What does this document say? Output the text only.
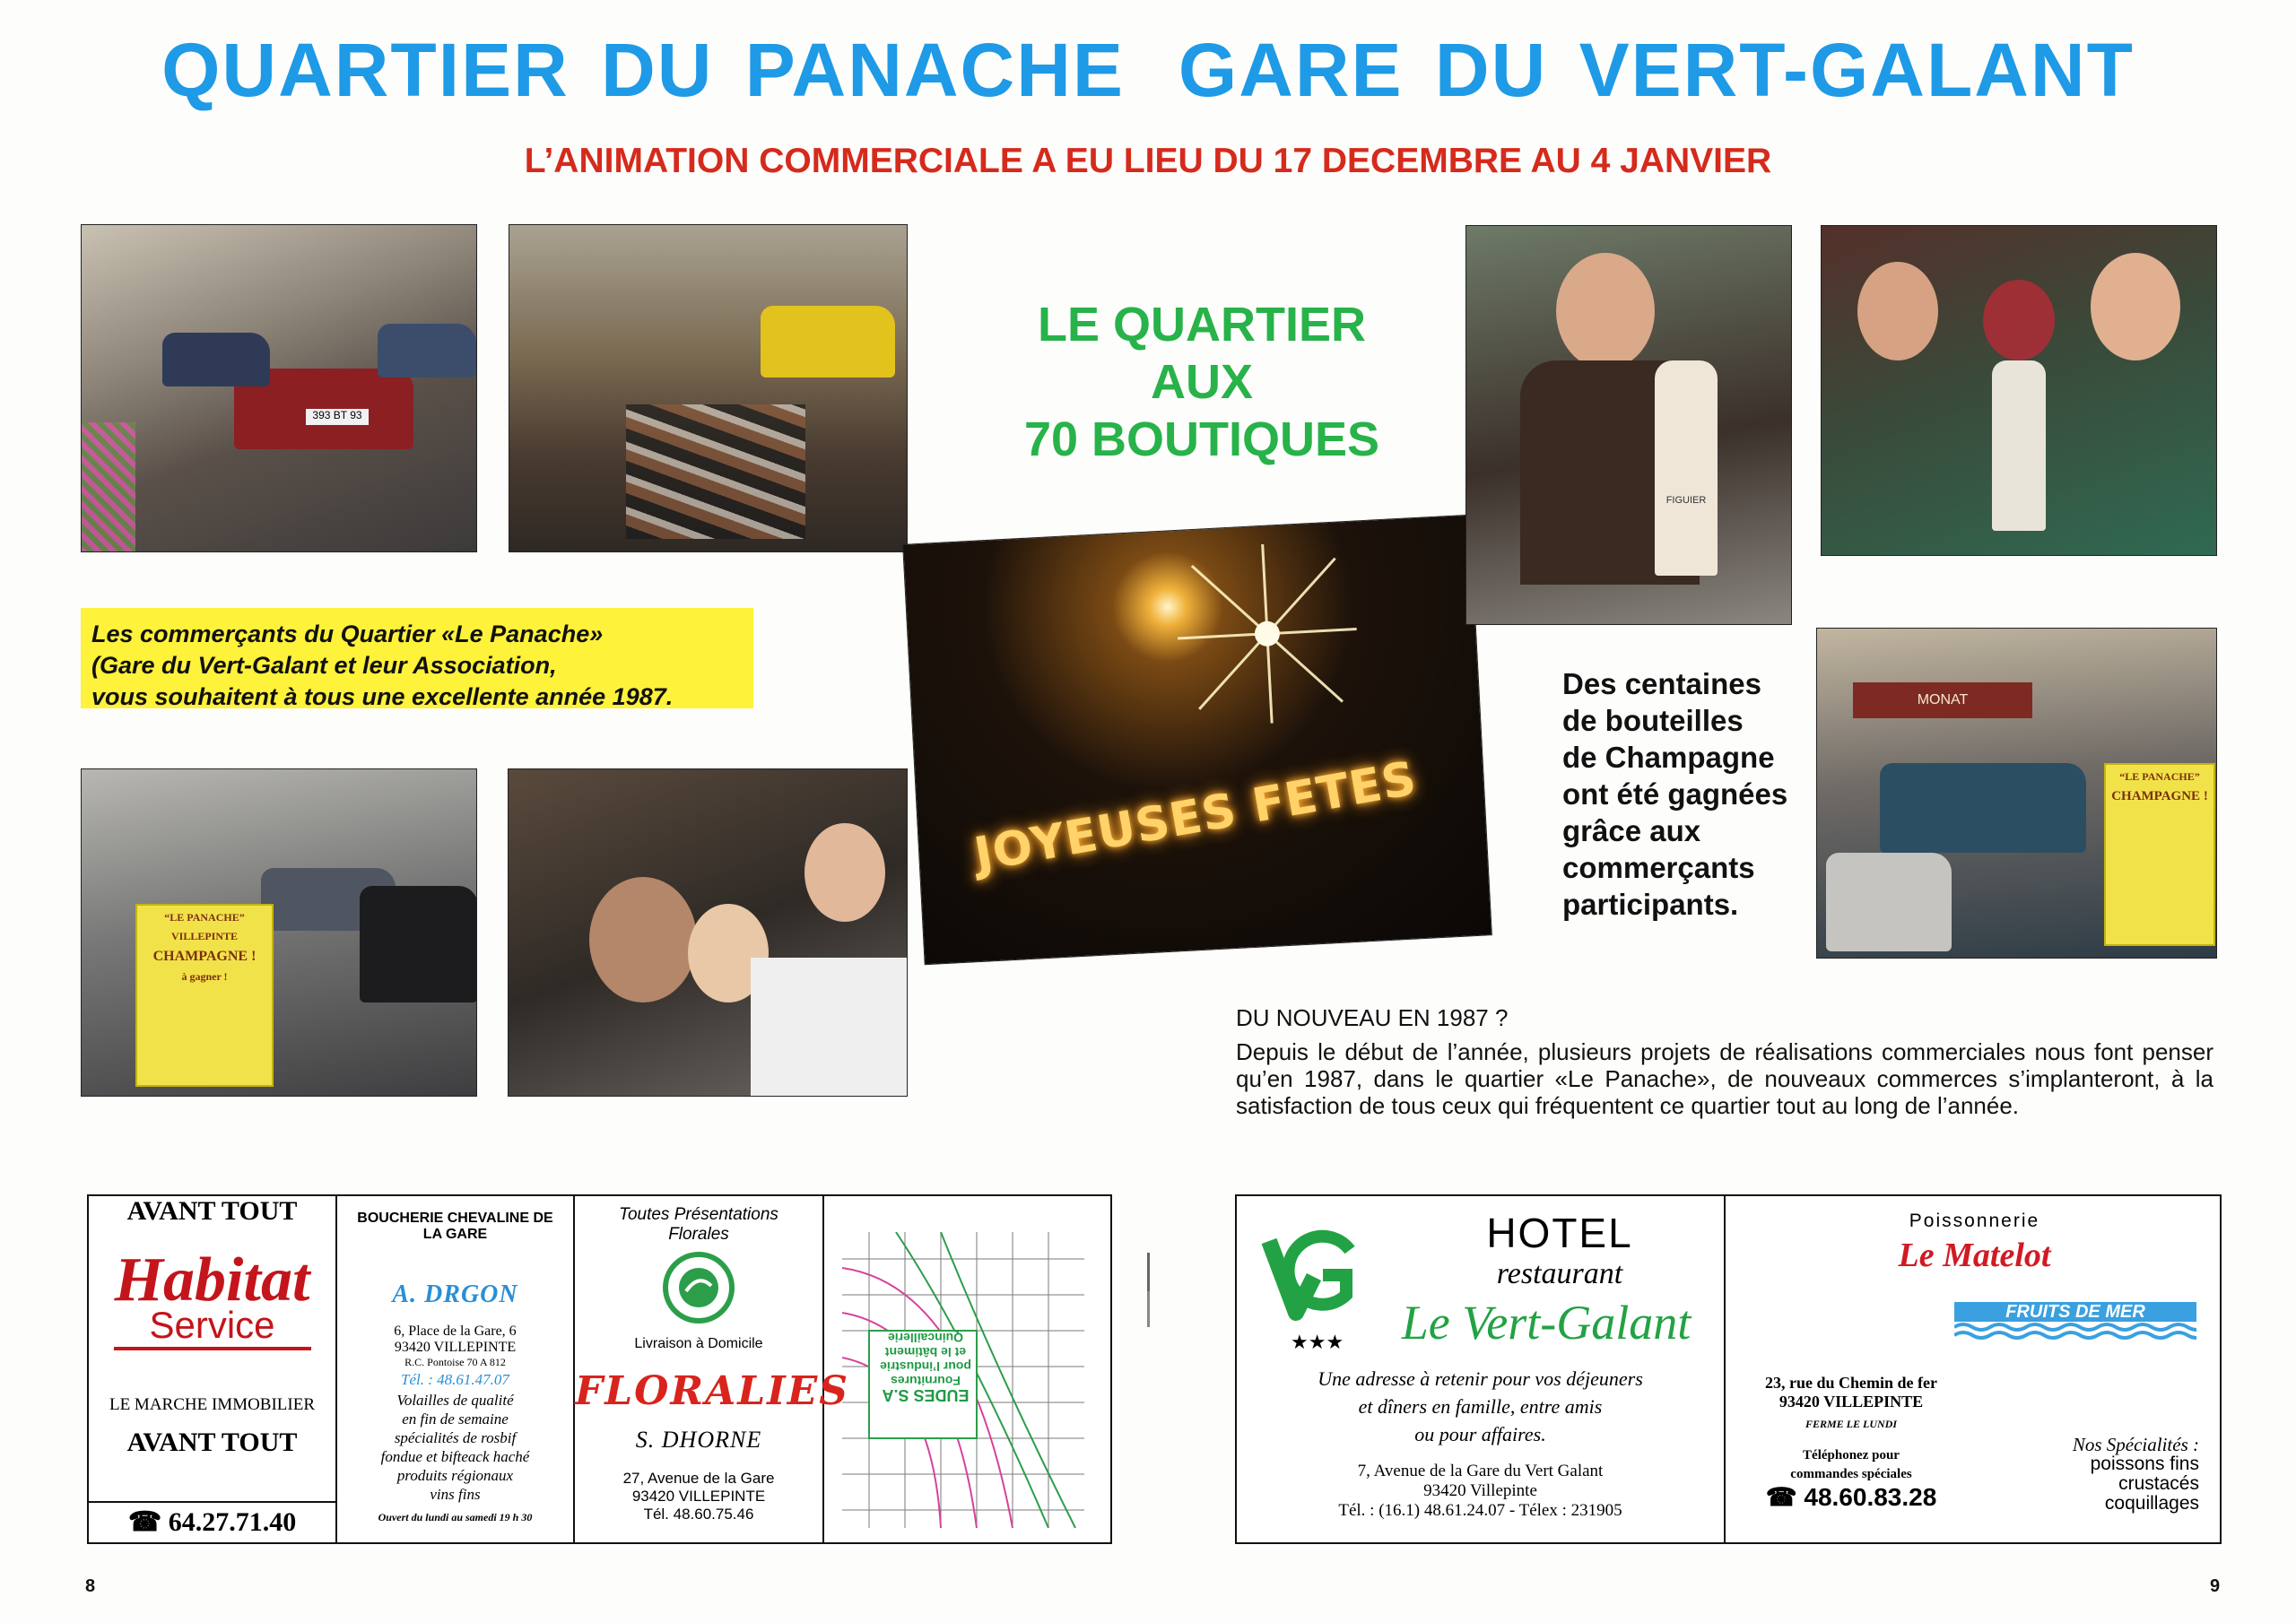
QUARTIER DU PANACHE GARE DU VERT-GALANT
L’ANIMATION COMMERCIALE A EU LIEU DU 17 DECEMBRE AU 4 JANVIER
393 BT 93
Les commerçants du Quartier «Le Panache»
(Gare du Vert-Galant et leur Association,
vous souhaitent à tous une excellente année 1987.
“LE PANACHE”
VILLEPINTE
CHAMPAGNE !
à gagner !
LE QUARTIER
AUX
70 BOUTIQUES
JOYEUSES FETES
FIGUIER
Des centaines
de bouteilles
de Champagne
ont été gagnées
grâce aux
commerçants
participants.
MONAT
“LE PANACHE”
CHAMPAGNE !
DU NOUVEAU EN 1987 ?
Depuis le début de l’année, plusieurs projets de réalisations commerciales nous font penser qu’en 1987, dans le quartier «Le Panache», de nouveaux commerces s’implanteront, à la satisfaction de tous ceux qui fréquentent ce quartier tout au long de l’année.
AVANT TOUT
Habitat
Service
LE MARCHE IMMOBILIER
AVANT TOUT
☎ 64.27.71.40
BOUCHERIE CHEVALINE DE LA GARE
A. DRGON
6, Place de la Gare, 6
93420 VILLEPINTE
R.C. Pontoise 70 A 812
Tél. : 48.61.47.07
Volailles de qualité
en fin de semaine
spécialités de rosbif
fondue et bifteack haché
produits régionaux
vins fins
Ouvert du lundi au samedi 19 h 30
Toutes Présentations Florales
Livraison à Domicile
FLORALIES
S. DHORNE
27, Avenue de la Gare
93420 VILLEPINTE
Tél. 48.60.75.46
EUDES S.A
Fournitures
pour l’industrie
et le bâtiment
Quincaillerie
HOTEL
restaurant
★★★	Le Vert-Galant
Une adresse à retenir pour vos déjeuners
et dîners en famille, entre amis
ou pour affaires.
7, Avenue de la Gare du Vert Galant
93420 Villepinte
Tél. : (16.1) 48.61.24.07 - Télex : 231905
Poissonnerie
Le Matelot
FRUITS DE MER
23, rue du Chemin de fer
93420 VILLEPINTE
FERME LE LUNDI
Téléphonez pour
commandes spéciales
☎ 48.60.83.28
Nos Spécialités :
poissons fins
crustacés
coquillages
8	9
